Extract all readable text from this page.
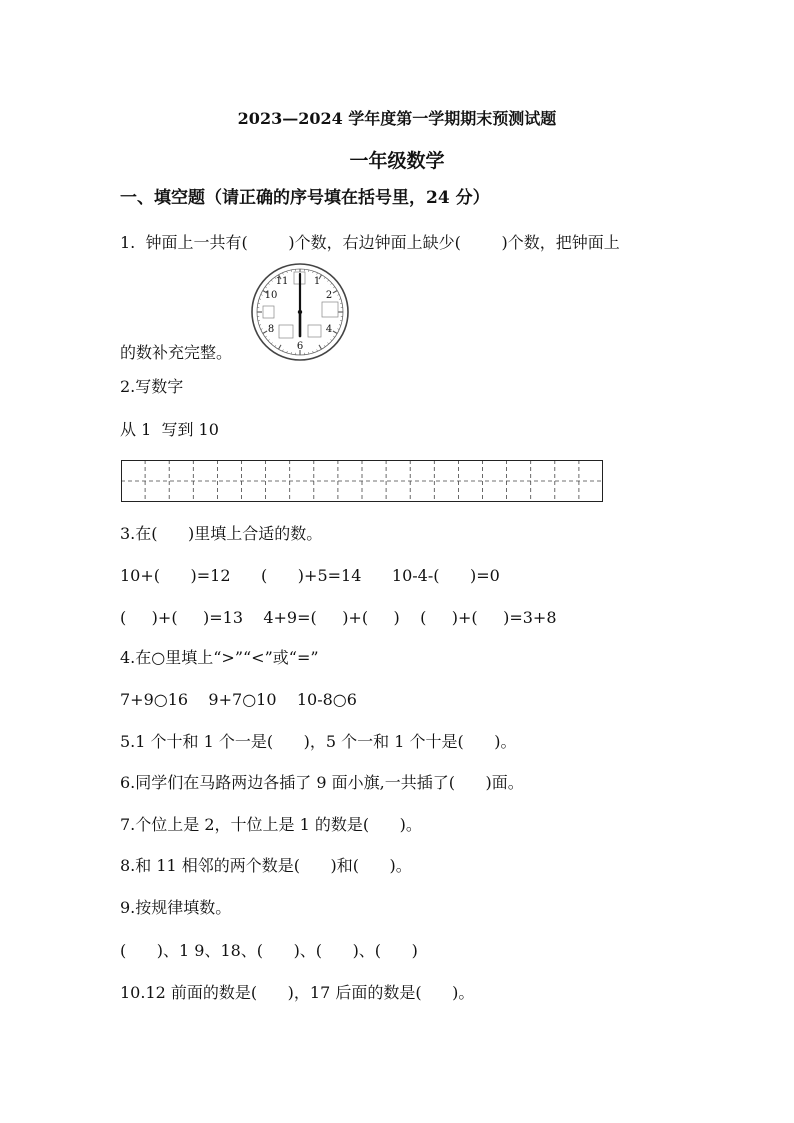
2023—2024 学年度第一学期期末预测试题
一年级数学
一、填空题（请正确的序号填在括号里，24 分）
1.  钟面上一共有(        )个数，右边钟面上缺少(        )个数，把钟面上
11	1
10	2
8	4
6
的数补充完整。
2.写数字
从 1  写到 10
3.在(      )里填上合适的数。
10+(      )=12      (      )+5=14      10-4-(      )=0
(     )+(     )=13    4+9=(     )+(     )    (     )+(     )=3+8
4.在○里填上“>”“<”或“=”
7+9○16    9+7○10    10-8○6
5.1 个十和 1 个一是(      )，5 个一和 1 个十是(      )。
6.同学们在马路两边各插了 9 面小旗,一共插了(      )面。
7.个位上是 2，十位上是 1 的数是(      )。
8.和 11 相邻的两个数是(      )和(      )。
9.按规律填数。
(      )、1 9、18、(      )、(      )、(      )
10.12 前面的数是(      )，17 后面的数是(      )。
